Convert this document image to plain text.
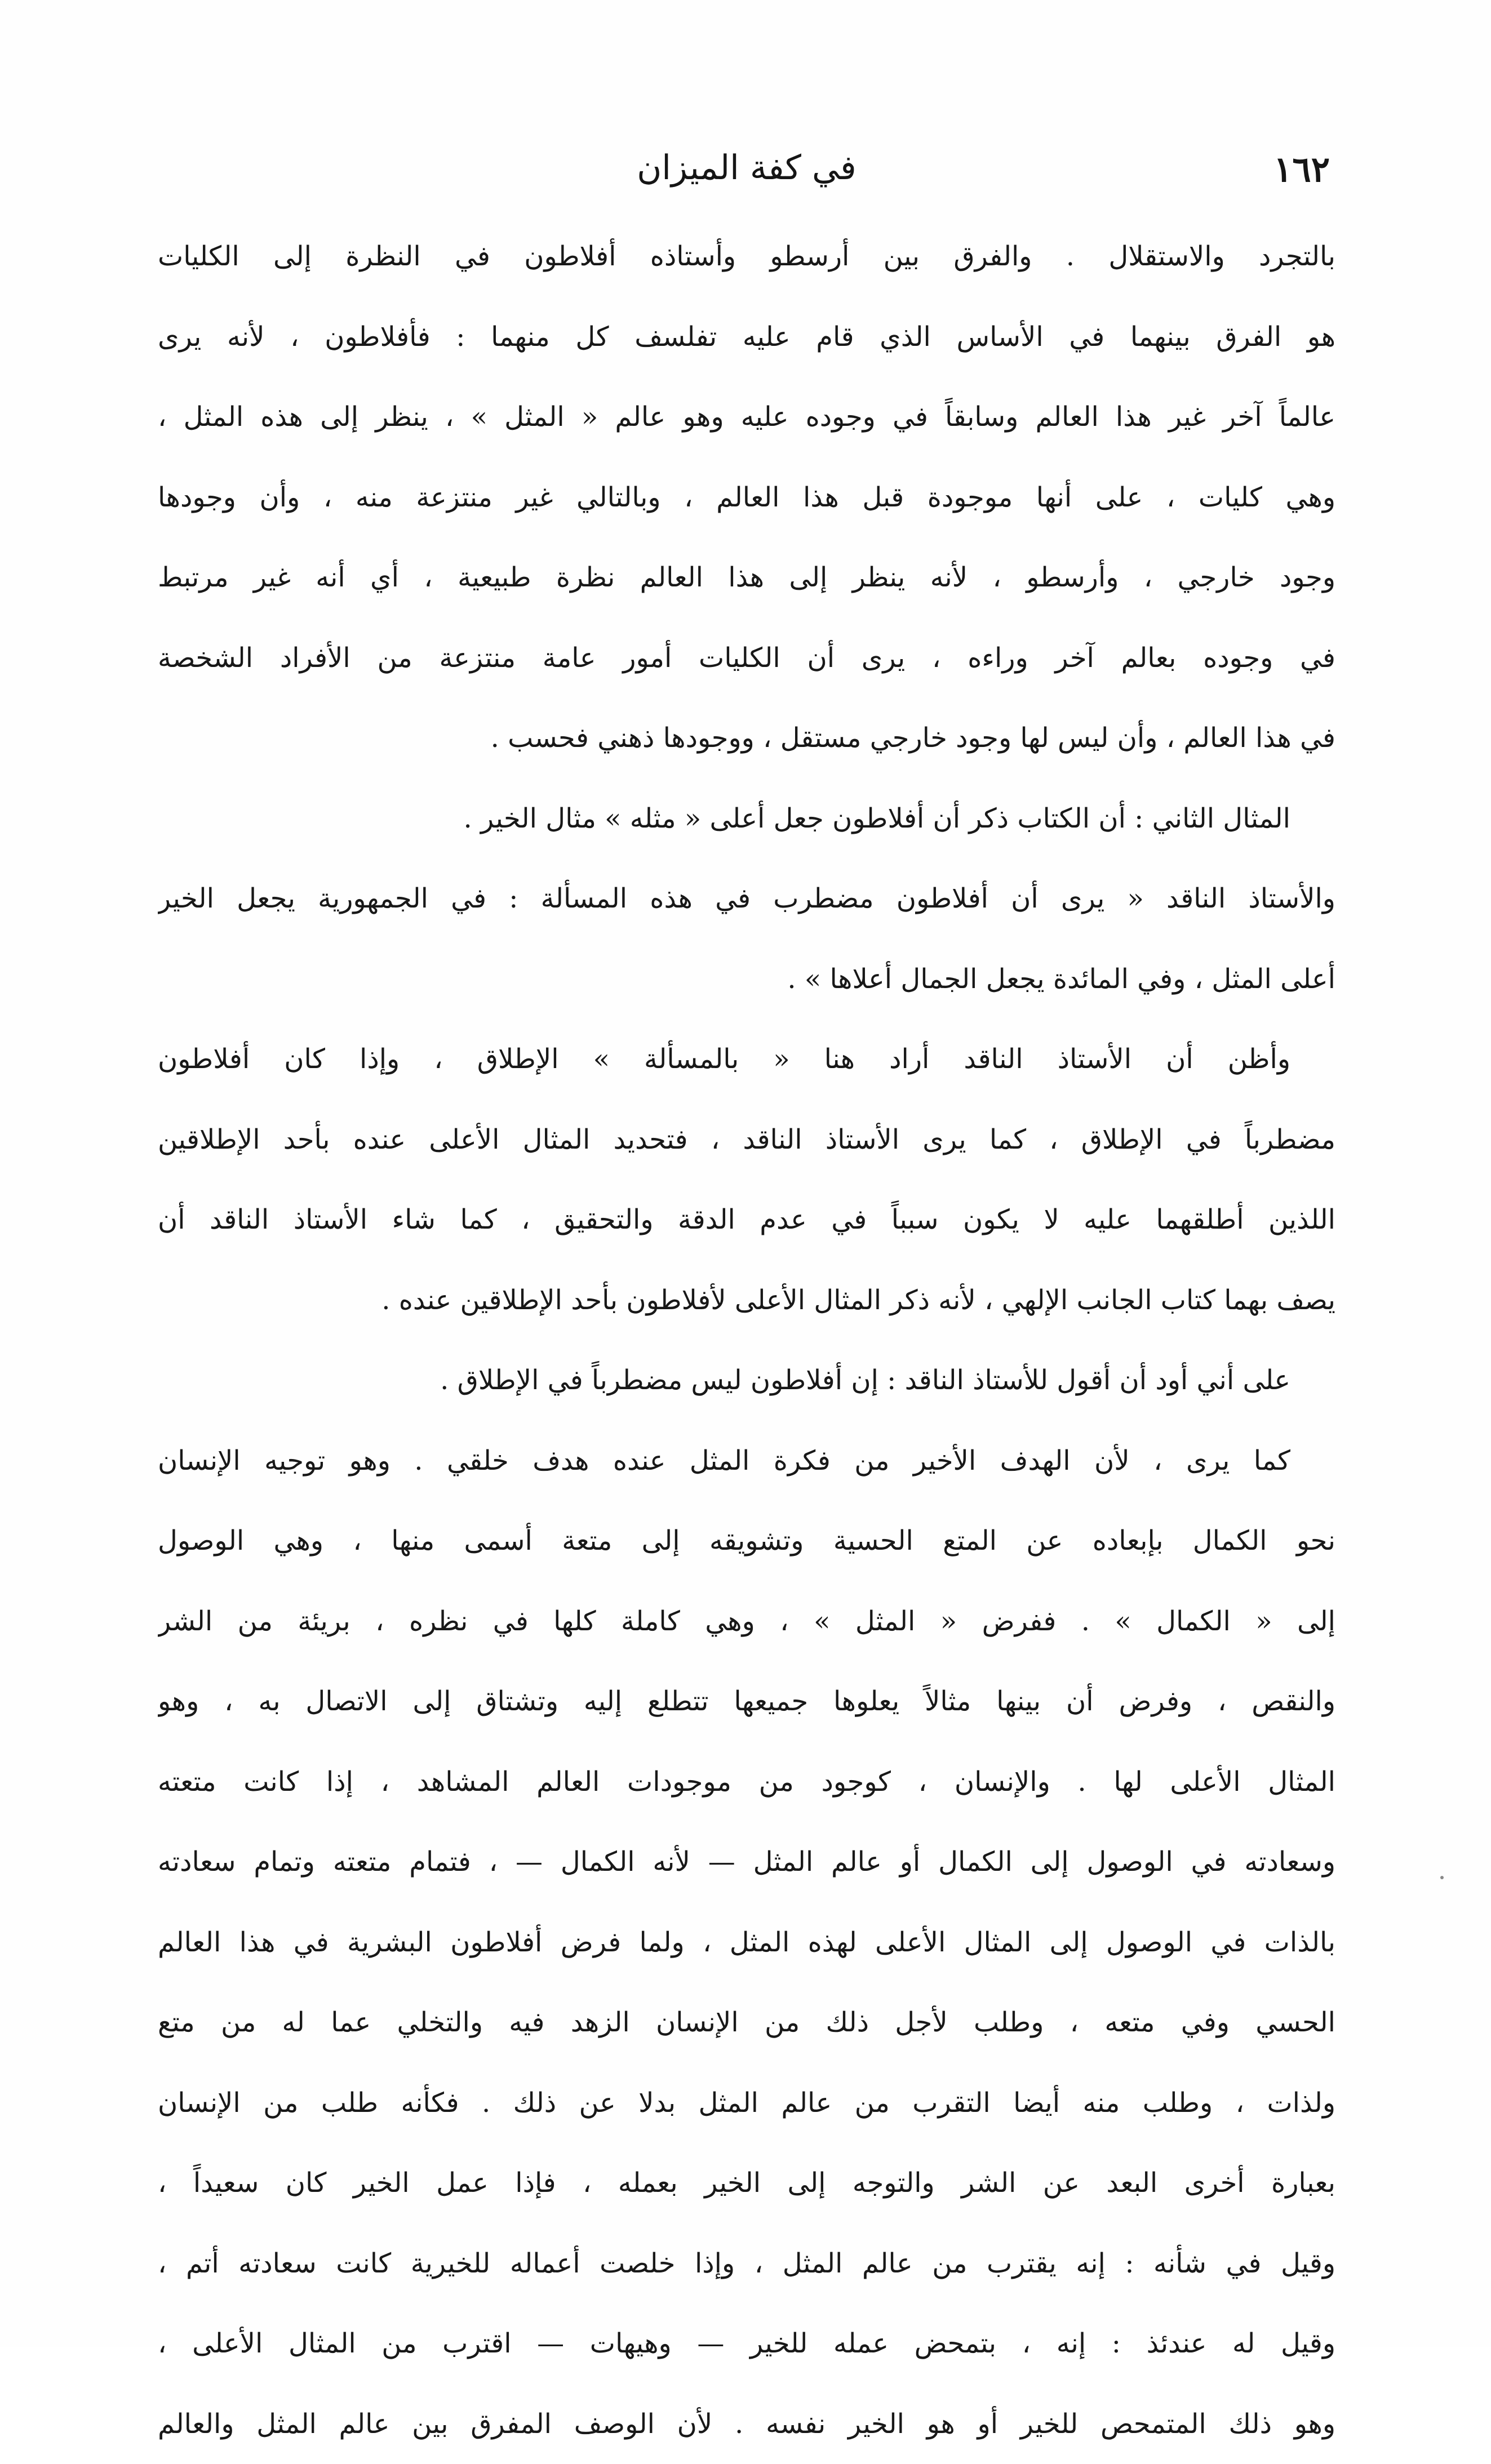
١٦٢
في كفة الميزان
بالتجرد والاستقلال . والفرق بين أرسطو وأستاذه أفلاطون في النظرة إلى الكليات
هو الفرق بينهما في الأساس الذي قام عليه تفلسف كل منهما : فأفلاطون ، لأنه يرى
عالماً آخر غير هذا العالم وسابقاً في وجوده عليه وهو عالم « المثل » ، ينظر إلى هذه المثل ،
وهي كليات ، على أنها موجودة قبل هذا العالم ، وبالتالي غير منتزعة منه ، وأن وجودها
وجود خارجي ، وأرسطو ، لأنه ينظر إلى هذا العالم نظرة طبيعية ، أي أنه غير مرتبط
في وجوده بعالم آخر وراءه ، يرى أن الكليات أمور عامة منتزعة من الأفراد الشخصة
في هذا العالم ، وأن ليس لها وجود خارجي مستقل ، ووجودها ذهني فحسب .
المثال الثاني : أن الكتاب ذكر أن أفلاطون جعل أعلى « مثله » مثال الخير .
والأستاذ الناقد « يرى أن أفلاطون مضطرب في هذه المسألة : في الجمهورية يجعل الخير
أعلى المثل ، وفي المائدة يجعل الجمال أعلاها » .
وأظن أن الأستاذ الناقد أراد هنا « بالمسألة » الإطلاق ، وإذا كان أفلاطون
مضطرباً في الإطلاق ، كما يرى الأستاذ الناقد ، فتحديد المثال الأعلى عنده بأحد الإطلاقين
اللذين أطلقهما عليه لا يكون سبباً في عدم الدقة والتحقيق ، كما شاء الأستاذ الناقد أن
يصف بهما كتاب الجانب الإلهي ، لأنه ذكر المثال الأعلى لأفلاطون بأحد الإطلاقين عنده .
على أني أود أن أقول للأستاذ الناقد : إن أفلاطون ليس مضطرباً في الإطلاق .
كما يرى ، لأن الهدف الأخير من فكرة المثل عنده هدف خلقي . وهو توجيه الإنسان
نحو الكمال بإبعاده عن المتع الحسية وتشويقه إلى متعة أسمى منها ، وهي الوصول
إلى « الكمال » . ففرض « المثل » ، وهي كاملة كلها في نظره ، بريئة من الشر
والنقص ، وفرض أن بينها مثالاً يعلوها جميعها تتطلع إليه وتشتاق إلى الاتصال به ، وهو
المثال الأعلى لها . والإنسان ، كوجود من موجودات العالم المشاهد ، إذا كانت متعته
وسعادته في الوصول إلى الكمال أو عالم المثل — لأنه الكمال — ، فتمام متعته وتمام سعادته
بالذات في الوصول إلى المثال الأعلى لهذه المثل ، ولما فرض أفلاطون البشرية في هذا العالم
الحسي وفي متعه ، وطلب لأجل ذلك من الإنسان الزهد فيه والتخلي عما له من متع
ولذات ، وطلب منه أيضا التقرب من عالم المثل بدلا عن ذلك . فكأنه طلب من الإنسان
بعبارة أخرى البعد عن الشر والتوجه إلى الخير بعمله ، فإذا عمل الخير كان سعيداً ،
وقيل في شأنه : إنه يقترب من عالم المثل ، وإذا خلصت أعماله للخيرية كانت سعادته أتم ،
وقيل له عندئذ : إنه ، بتمحض عمله للخير — وهيهات — اقترب من المثال الأعلى ،
وهو ذلك المتمحص للخير أو هو الخير نفسه . لأن الوصف المفرق بين عالم المثل والعالم
